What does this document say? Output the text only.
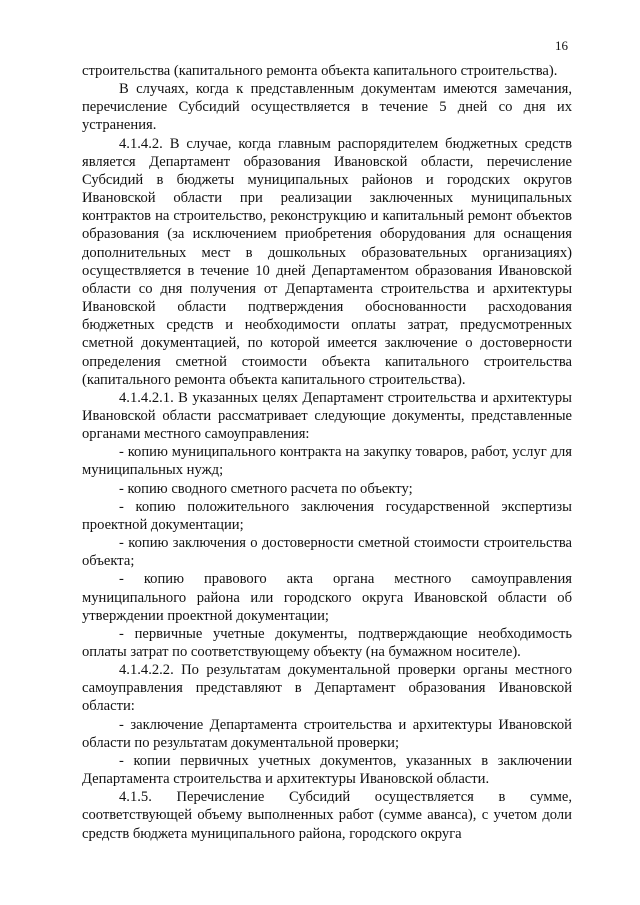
16

строительства (капитального ремонта объекта капитального строительства).

В случаях, когда к представленным документам имеются замечания, перечисление Субсидий осуществляется в течение 5 дней со дня их устранения.

4.1.4.2. В случае, когда главным распорядителем бюджетных средств является Департамент образования Ивановской области, перечисление Субсидий в бюджеты муниципальных районов и городских округов Ивановской области при реализации заключенных муниципальных контрактов на строительство, реконструкцию и капитальный ремонт объектов образования (за исключением приобретения оборудования для оснащения дополнительных мест в дошкольных образовательных организациях) осуществляется в течение 10 дней Департаментом образования Ивановской области со дня получения от Департамента строительства и архитектуры Ивановской области подтверждения обоснованности расходования бюджетных средств и необходимости оплаты затрат, предусмотренных сметной документацией, по которой имеется заключение о достоверности определения сметной стоимости объекта капитального строительства (капитального ремонта объекта капитального строительства).

4.1.4.2.1. В указанных целях Департамент строительства и архитектуры Ивановской области рассматривает следующие документы, представленные органами местного самоуправления:

- копию муниципального контракта на закупку товаров, работ, услуг для муниципальных нужд;

- копию сводного сметного расчета по объекту;

- копию положительного заключения государственной экспертизы проектной документации;

- копию заключения о достоверности сметной стоимости строительства объекта;

- копию правового акта органа местного самоуправления муниципального района или городского округа Ивановской области об утверждении проектной документации;

- первичные учетные документы, подтверждающие необходимость оплаты затрат по соответствующему объекту (на бумажном носителе).

4.1.4.2.2. По результатам документальной проверки органы местного самоуправления представляют в Департамент образования Ивановской области:

- заключение Департамента строительства и архитектуры Ивановской области по результатам документальной проверки;

- копии первичных учетных документов, указанных в заключении Департамента строительства и архитектуры Ивановской области.

4.1.5. Перечисление Субсидий осуществляется в сумме, соответствующей объему выполненных работ (сумме аванса), с учетом доли средств бюджета муниципального района, городского округа
